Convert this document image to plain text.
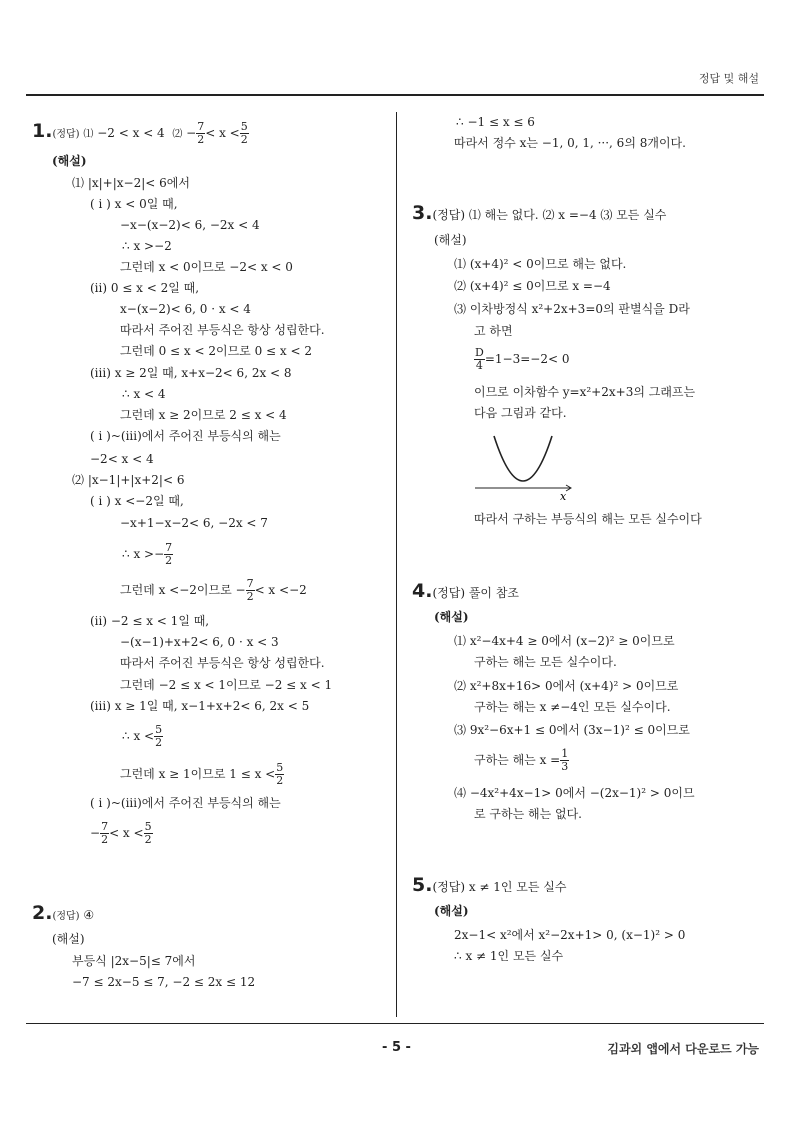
정답 및 해설
1.(정답) ⑴ −2 < x < 4 ⑵ − $\frac{7}{2} < x < \frac{5}{2}$
(해설)
⑴ |x|+|x−2|< 6에서
( i ) x < 0일 때,
−x−(x−2)< 6, −2x < 4
∴ x >−2
그런데 x < 0이므로 −2< x < 0
(ii) 0 ≤ x < 2일 때,
x−(x−2)< 6, 0 · x < 4
따라서 주어진 부등식은 항상 성립한다.
그런데 0 ≤ x < 2이므로 0 ≤ x < 2
(iii) x ≥ 2일 때, x+x−2< 6, 2x < 8
∴ x < 4
그런데 x ≥ 2이므로 2 ≤ x < 4
( i )~(iii)에서 주어진 부등식의 해는
−2< x < 4
⑵ |x−1|+|x+2|< 6
( i ) x <−2일 때,
−x+1−x−2< 6, −2x < 7
∴ $x >- \frac{7}{2}$
그런데 x <−2이므로 − $\frac{7}{2} < x <-2$
(ii) −2 ≤ x < 1일 때,
−(x−1)+x+2< 6, 0 · x < 3
따라서 주어진 부등식은 항상 성립한다.
그런데 −2 ≤ x < 1이므로 −2 ≤ x < 1
(iii) x ≥ 1일 때, x−1+x+2< 6, 2x < 5
∴ $x < \frac{5}{2}$
그런데 x ≥ 1이므로 $1 \le x < \frac{5}{2}$
( i )~(iii)에서 주어진 부등식의 해는
− $\frac{7}{2} < x < \frac{5}{2}$
2.(정답) ④
(해설)
부등식 |2x−5|≤ 7에서
−7 ≤ 2x−5 ≤ 7, −2 ≤ 2x ≤ 12
∴ −1 ≤ x ≤ 6
따라서 정수 x는 −1, 0, 1, ···, 6의 8개이다.
3.(정답) ⑴ 해는 없다. ⑵ x =−4 ⑶ 모든 실수
(해설)
⑴ (x+4)² < 0이므로 해는 없다.
⑵ (x+4)² ≤ 0이므로 x =−4
⑶ 이차방정식 x²+2x+3=0의 판별식을 D라
고 하면
$\frac{D}{4} =1-3=-2< 0$
이므로 이차함수 y=x²+2x+3의 그래프는
다음 그림과 같다.
x
따라서 구하는 부등식의 해는 모든 실수이다
4.(정답) 풀이 참조
(해설)
⑴ x²−4x+4 ≥ 0에서 (x−2)² ≥ 0이므로
구하는 해는 모든 실수이다.
⑵ x²+8x+16> 0에서 (x+4)² > 0이므로
구하는 해는 x ≠−4인 모든 실수이다.
⑶ 9x²−6x+1 ≤ 0에서 (3x−1)² ≤ 0이므로
구하는 해는 $x = \frac{1}{3}$
⑷ −4x²+4x−1> 0에서 −(2x−1)² > 0이므
로 구하는 해는 없다.
5.(정답) x ≠ 1인 모든 실수
(해설)
2x−1< x²에서 x²−2x+1> 0, (x−1)² > 0
∴ x ≠ 1인 모든 실수
- 5 -	김과외 앱에서 다운로드 가능
